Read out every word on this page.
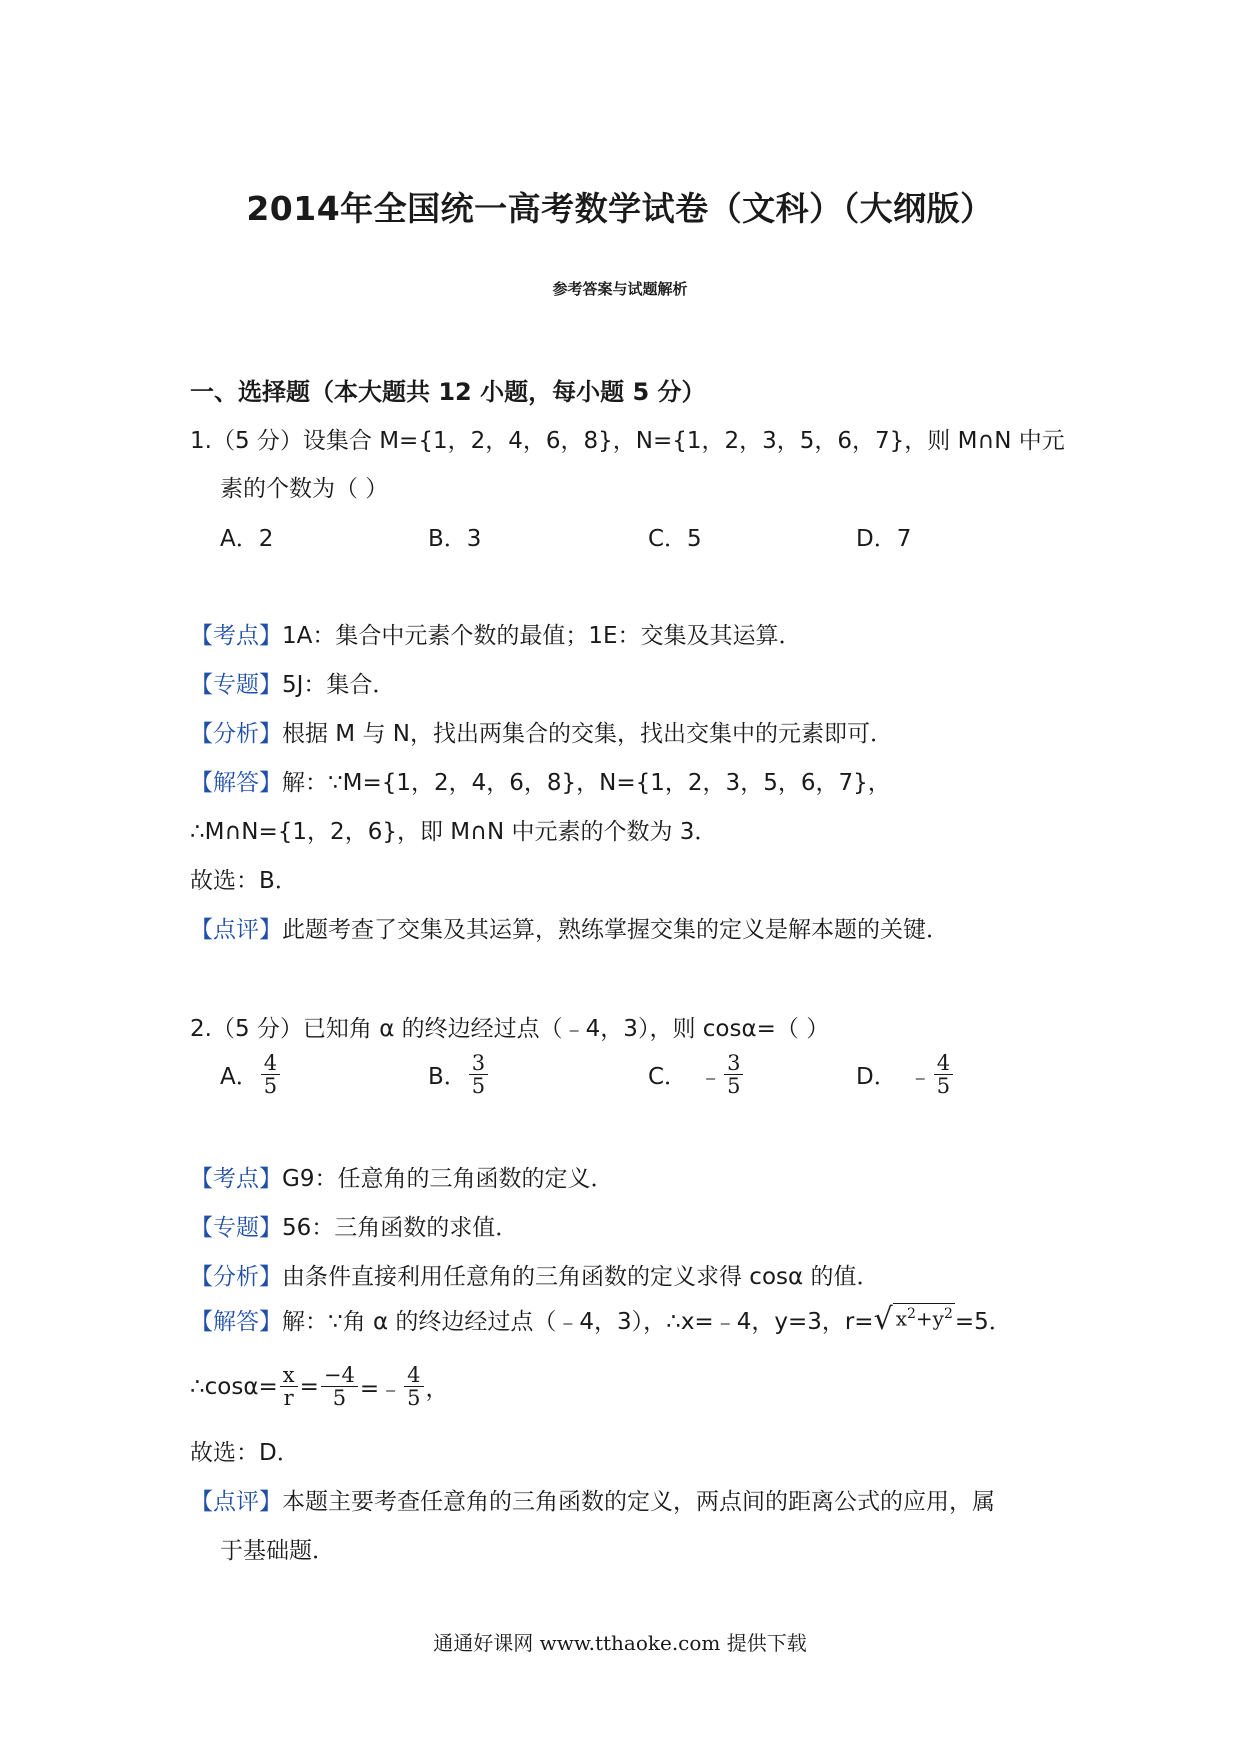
2014年全国统一高考数学试卷（文科）（大纲版）
参考答案与试题解析
一、选择题（本大题共 12 小题，每小题 5 分）
1.（5 分）设集合 M={1，2，4，6，8}，N={1，2，3，5，6，7}，则 M∩N 中元
素的个数为（ ）
A．2	B．3	C．5	D．7
【考点】1A：集合中元素个数的最值；1E：交集及其运算．
【专题】5J：集合．
【分析】根据 M 与 N，找出两集合的交集，找出交集中的元素即可．
【解答】解：∵M={1，2，4，6，8}，N={1，2，3，5，6，7}，
∴M∩N={1，2，6}，即 M∩N 中元素的个数为 3．
故选：B．
【点评】此题考查了交集及其运算，熟练掌握交集的定义是解本题的关键．
2.（5 分）已知角 α 的终边经过点（﹣4，3），则 cosα=（ ）
A． $\frac{4}{5}$	B． $\frac{3}{5}$	C． ﹣ $\frac{3}{5}$	D． ﹣ $\frac{4}{5}$
【考点】G9：任意角的三角函数的定义．
【专题】56：三角函数的求值．
【分析】由条件直接利用任意角的三角函数的定义求得 cosα 的值．
【解答】 解：∵角 α 的终边经过点（﹣4，3），∴x=﹣4，y=3，r= √ $x^2+y^2 =5$．
∴cosα= $\frac{x}{r} = \frac{-4}{5}$ =﹣ $\frac{4}{5}$ ，
故选：D．
【点评】本题主要考查任意角的三角函数的定义，两点间的距离公式的应用，属
于基础题．
通通好课网 www.tthaoke.com 提供下载
